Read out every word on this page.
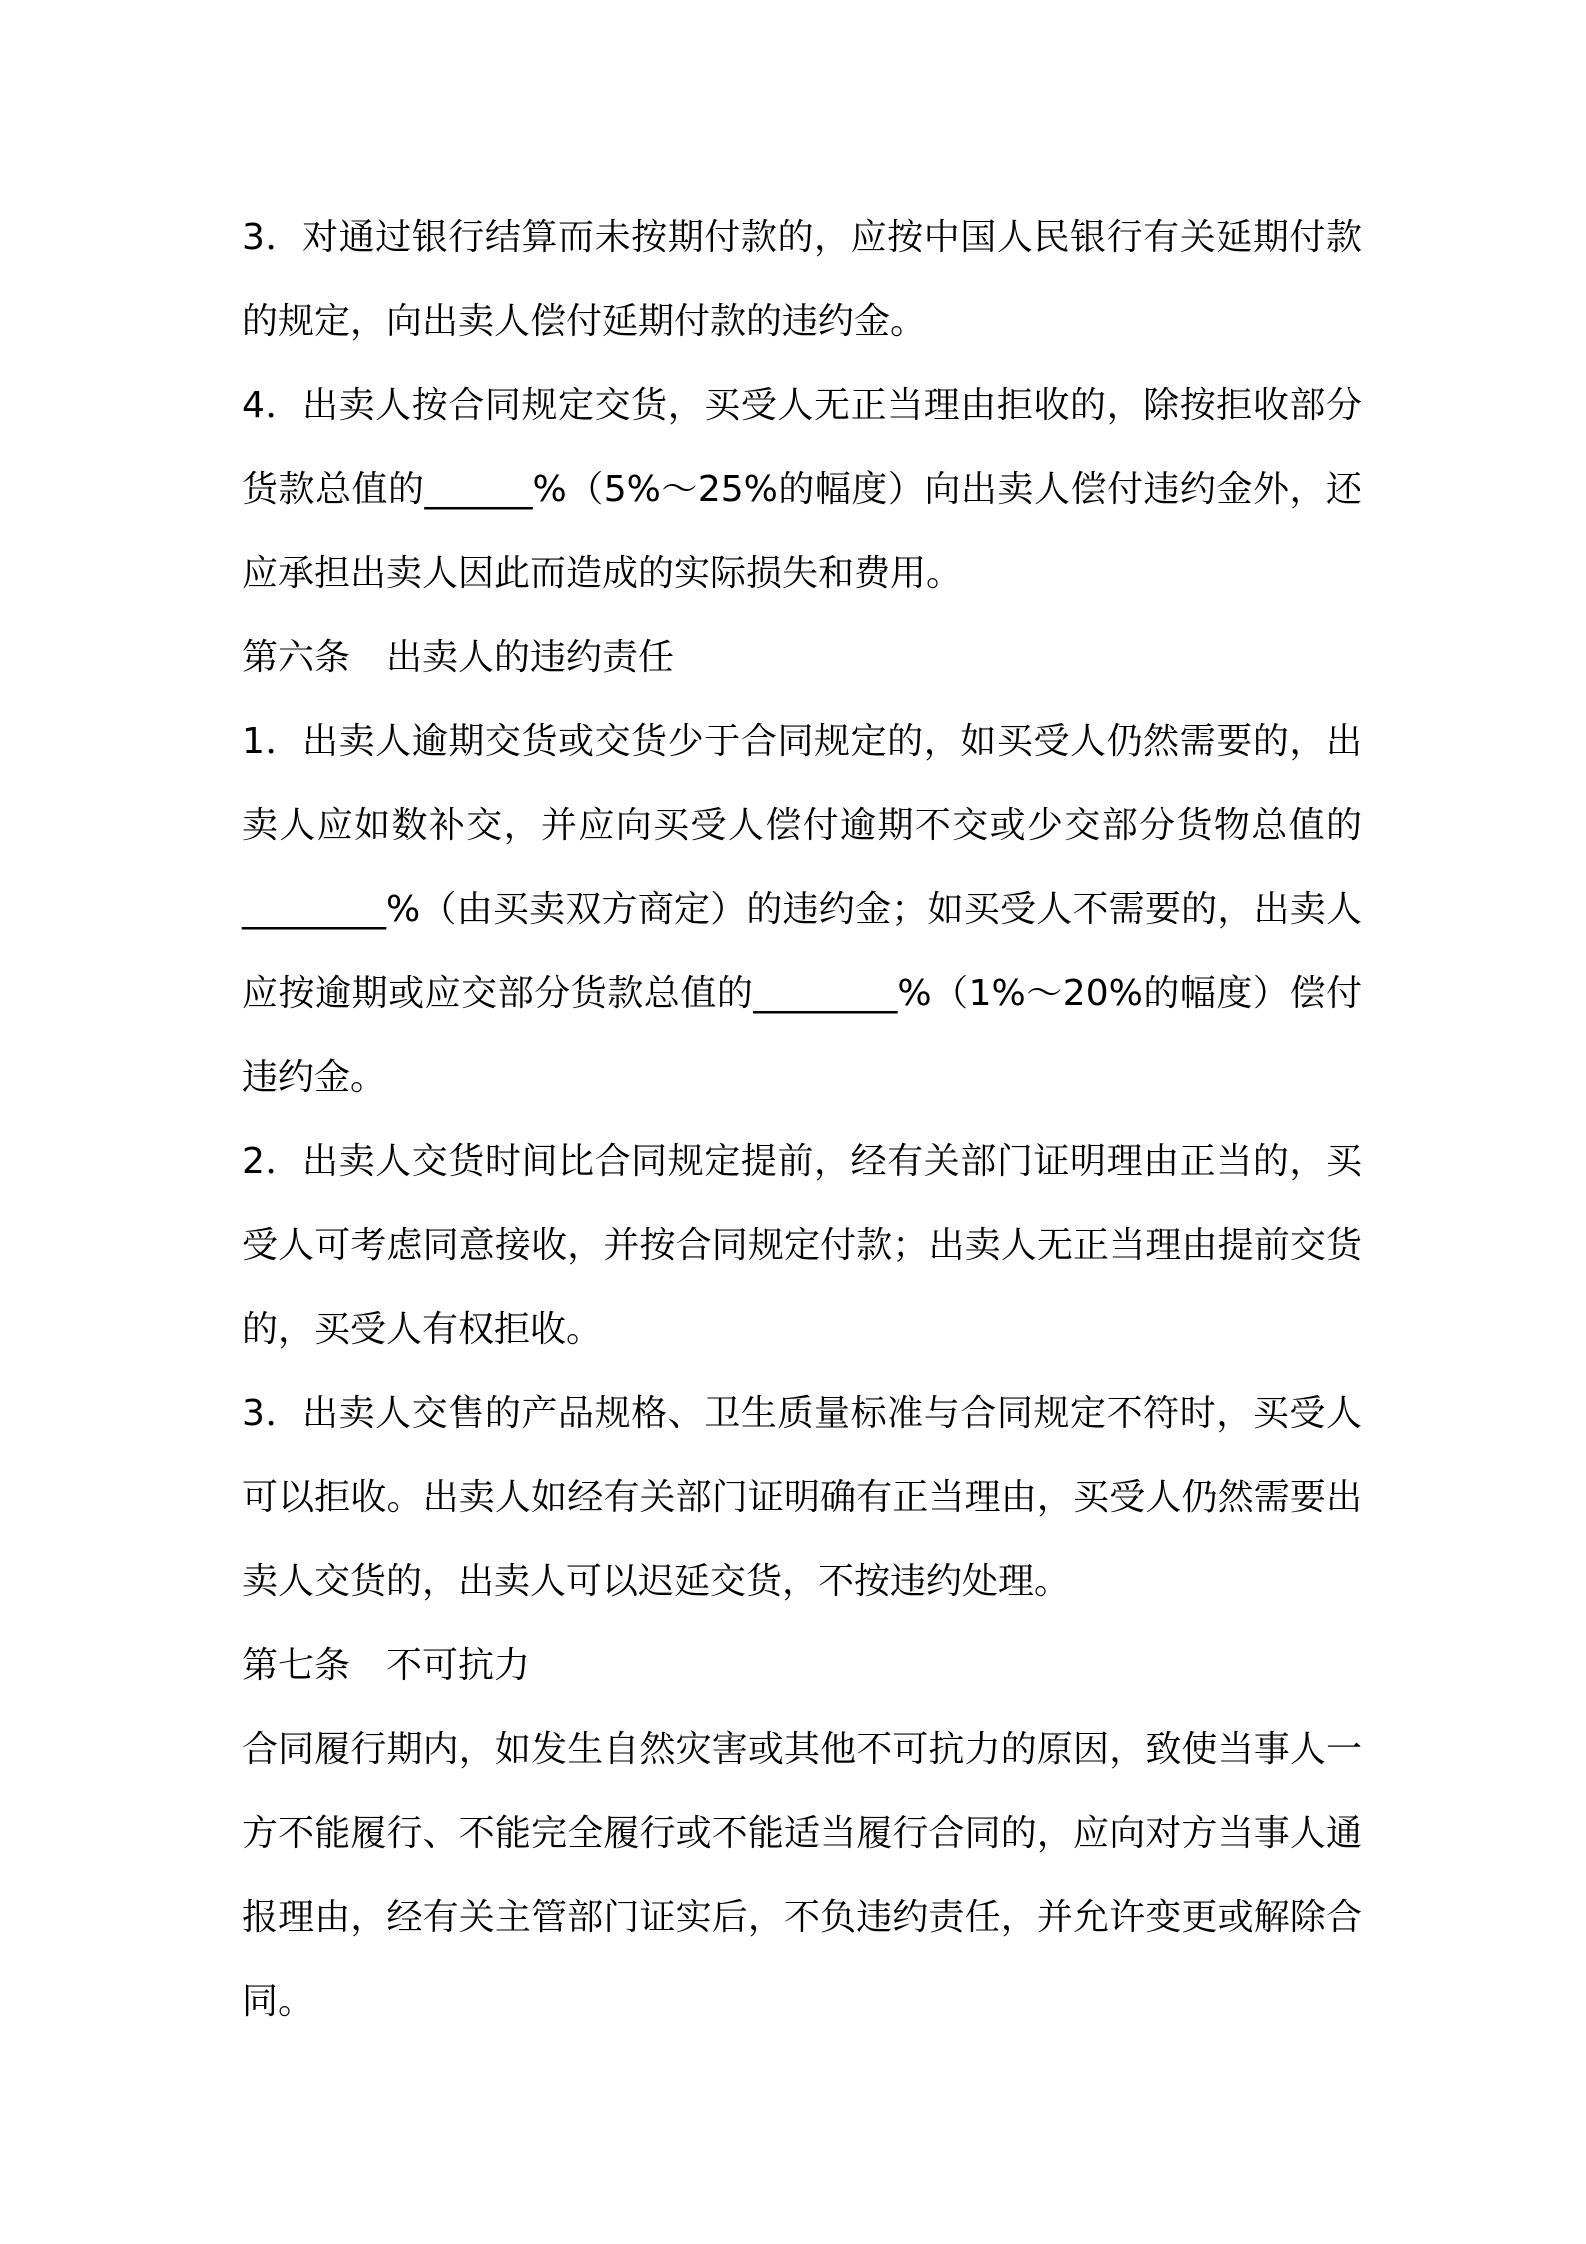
3．对通过银行结算而未按期付款的，应按中国人民银行有关延期付款的规定，向出卖人偿付延期付款的违约金。

4．出卖人按合同规定交货，买受人无正当理由拒收的，除按拒收部分货款总值的______%（5%～25%的幅度）向出卖人偿付违约金外，还应承担出卖人因此而造成的实际损失和费用。

第六条　出卖人的违约责任

1．出卖人逾期交货或交货少于合同规定的，如买受人仍然需要的，出卖人应如数补交，并应向买受人偿付逾期不交或少交部分货物总值的________%（由买卖双方商定）的违约金；如买受人不需要的，出卖人应按逾期或应交部分货款总值的________%（1%～20%的幅度）偿付违约金。

2．出卖人交货时间比合同规定提前，经有关部门证明理由正当的，买受人可考虑同意接收，并按合同规定付款；出卖人无正当理由提前交货的，买受人有权拒收。

3．出卖人交售的产品规格、卫生质量标准与合同规定不符时，买受人可以拒收。出卖人如经有关部门证明确有正当理由，买受人仍然需要出卖人交货的，出卖人可以迟延交货，不按违约处理。

第七条　不可抗力

合同履行期内，如发生自然灾害或其他不可抗力的原因，致使当事人一方不能履行、不能完全履行或不能适当履行合同的，应向对方当事人通报理由，经有关主管部门证实后，不负违约责任，并允许变更或解除合同。
